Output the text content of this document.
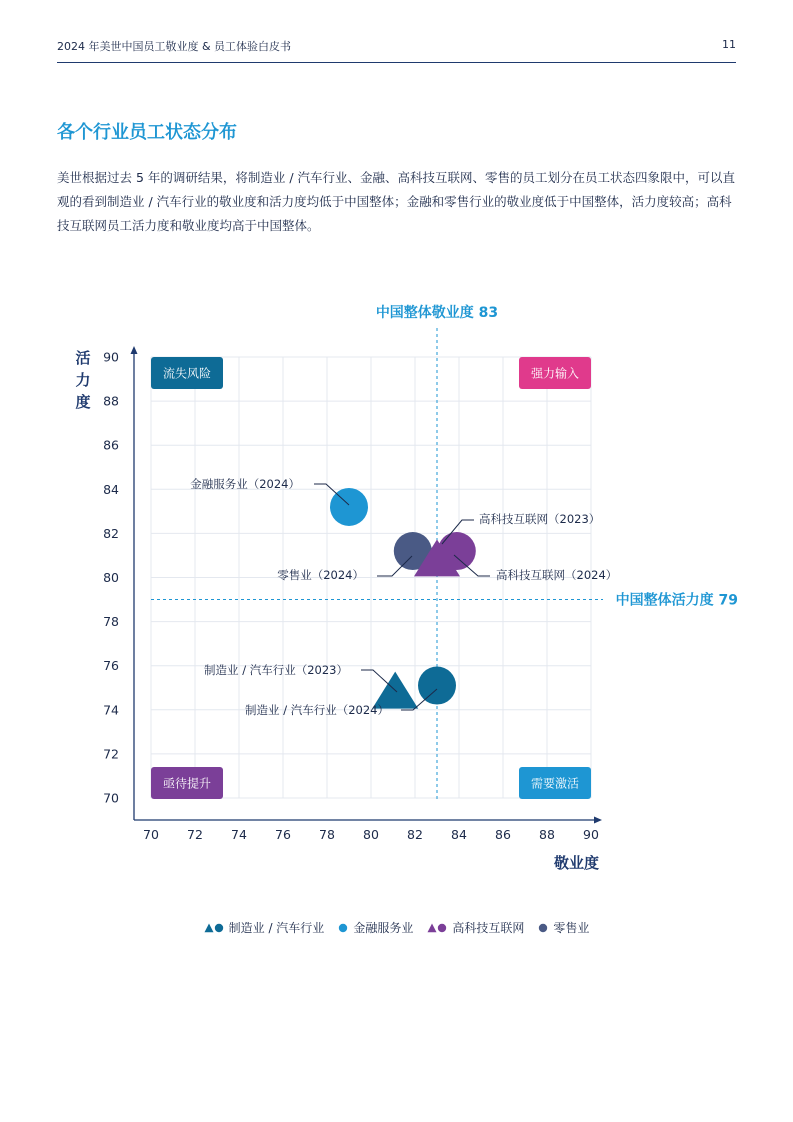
2024 年美世中国员工敬业度 & 员工体验白皮书	11
各个行业员工状态分布
美世根据过去 5 年的调研结果，将制造业 / 汽车行业、金融、高科技互联网、零售的员工划分在员工状态四象限中，可以直观的看到制造业 / 汽车行业的敬业度和活力度均低于中国整体；金融和零售行业的敬业度低于中国整体，活力度较高；高科技互联网员工活力度和敬业度均高于中国整体。
70
72
74
76
78
80
82
84
86
88
90
70 72 74 76 78 80 82 84 86 88 90
活
力
度
敬业度
中国整体敬业度 83
中国整体活力度 79
流失风险	强力输入
亟待提升	需要激活
金融服务业（2024）
零售业（2024）
高科技互联网（2023）
高科技互联网（2024）
制造业 / 汽车行业（2023）
制造业 / 汽车行业（2024）
制造业 / 汽车行业 金融服务业	高科技互联网 零售业
